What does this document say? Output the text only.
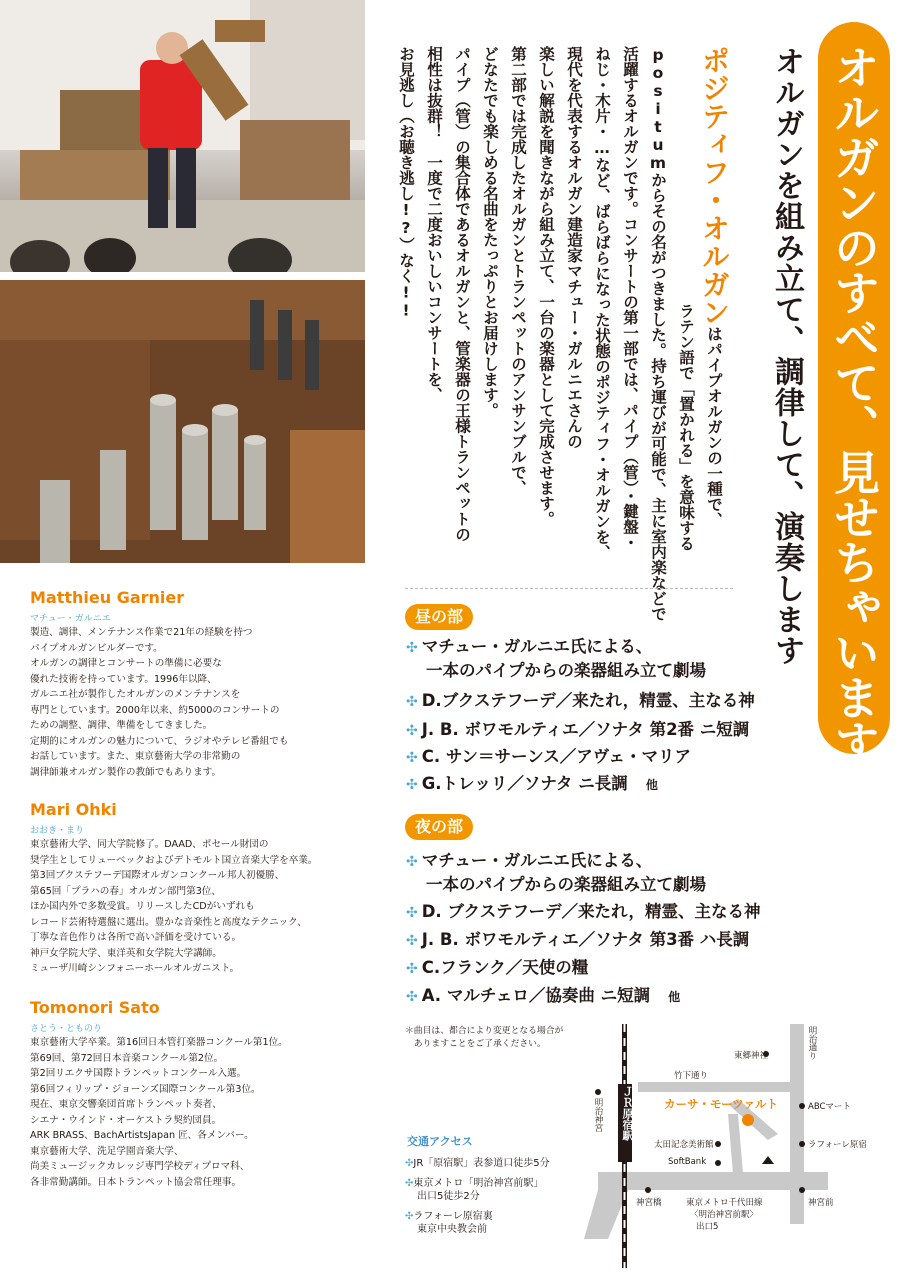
オルガンのすべて、見せちゃいます！
オルガンを組み立て、調律して、演奏します
ポジティフ・オルガンはパイプオルガンの一種で、
ラテン語で「置かれる」を意味する
positumからその名がつきました。持ち運びが可能で、主に室内楽などで
活躍するオルガンです。コンサートの第一部では、パイプ（管）・鍵盤・
ねじ・木片・…など、ばらばらになった状態のポジティフ・オルガンを、
現代を代表するオルガン建造家マチュー・ガルニエさんの
楽しい解説を聞きながら組み立て、一台の楽器として完成させます。
第二部では完成したオルガンとトランペットのアンサンブルで、
どなたでも楽しめる名曲をたっぷりとお届けします。
パイプ（管）の集合体であるオルガンと、管楽器の王様トランペットの
相性は抜群！　一度で二度おいしいコンサートを、
お見逃し（お聴き逃し!?）なく!!
昼の部
✣ マチュー・ガルニエ氏による、
一本のパイプからの楽器組み立て劇場
✣ D.ブクステフーデ／来たれ，精霊、主なる神
✣ J. B. ボワモルティエ／ソナタ 第2番 ニ短調
✣ C. サン＝サーンス／アヴェ・マリア
✣ G.トレッリ／ソナタ ニ長調 他
夜の部
✣ マチュー・ガルニエ氏による、
一本のパイプからの楽器組み立て劇場
✣ D. ブクステフーデ／来たれ，精霊、主なる神
✣ J. B. ボワモルティエ／ソナタ 第3番 ハ長調
✣ C.フランク／天使の糧
✣ A. マルチェロ／協奏曲 ニ短調 他
Matthieu Garnier
マチュー・ガルニエ
製造、調律、メンテナンス作業で21年の経験を持つ
パイプオルガンビルダーです。
オルガンの調律とコンサートの準備に必要な
優れた技術を持っています。1996年以降、
ガルニエ社が製作したオルガンのメンテナンスを
専門としています。2000年以来、約5000のコンサートの
ための調整、調律、準備をしてきました。
定期的にオルガンの魅力について、ラジオやテレビ番組でも
お話しています。また、東京藝術大学の非常勤の
調律師兼オルガン製作の教師でもあります。
Mari Ohki
おおき・まり
東京藝術大学、同大学院修了。DAAD、ポセール財団の
奨学生としてリューベックおよびデトモルト国立音楽大学を卒業。
第3回ブクステフーデ国際オルガンコンクール邦人初優勝、
第65回「プラハの春」オルガン部門第3位、
ほか国内外で多数受賞。リリースしたCDがいずれも
レコード芸術特選盤に選出。豊かな音楽性と高度なテクニック、
丁寧な音色作りは各所で高い評価を受けている。
神戸女学院大学、東洋英和女学院大学講師。
ミューザ川崎シンフォニーホールオルガニスト。
Tomonori Sato
さとう・とものり
東京藝術大学卒業。第16回日本管打楽器コンクール第1位。
第69回、第72回日本音楽コンクール第2位。
第2回リエクサ国際トランペットコンクール入選。
第6回フィリップ・ジョーンズ国際コンクール第3位。
現在、東京交響楽団首席トランペット奏者、
シエナ・ウインド・オーケストラ契約団員。
ARK BRASS、BachArtistsJapan 匠、各メンバー。
東京藝術大学、洗足学園音楽大学、
尚美ミュージックカレッジ専門学校ディプロマ科、
各非常勤講師。日本トランペット協会常任理事。
＊曲目は、都合により変更となる場合が
　ありますことをご了承ください。
交通アクセス
✣JR「原宿駅」表参道口徒歩5分
✣東京メトロ「明治神宮前駅」
出口5徒歩2分
✣ラフォーレ原宿裏
東京中央教会前
ＪＲ原宿駅
明治通り
東郷神社
竹下通り
カーサ・モーツァルト	ABCマート
ラフォーレ原宿
太田記念美術館
SoftBank
神宮橋	東京メトロ千代田線
〈明治神宮前駅〉
出口5
神宮前
明治神宮
